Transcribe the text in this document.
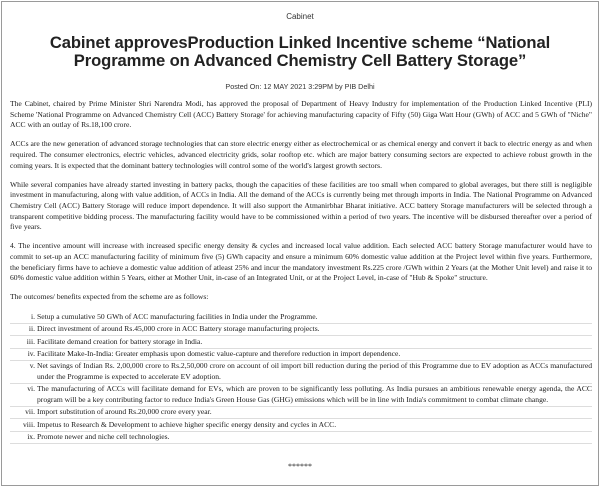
Cabinet
Cabinet approvesProduction Linked Incentive scheme “National Programme on Advanced Chemistry Cell Battery Storage”
Posted On: 12 MAY 2021 3:29PM by PIB Delhi

The Cabinet, chaired by Prime Minister Shri Narendra Modi, has approved the proposal of Department of Heavy Industry for implementation of the Production Linked Incentive (PLI) Scheme 'National Programme on Advanced Chemistry Cell (ACC) Battery Storage' for achieving manufacturing capacity of Fifty (50) Giga Watt Hour (GWh) of ACC and 5 GWh of "Niche" ACC with an outlay of Rs.18,100 crore.

ACCs are the new generation of advanced storage technologies that can store electric energy either as electrochemical or as chemical energy and convert it back to electric energy as and when required. The consumer electronics, electric vehicles, advanced electricity grids, solar rooftop etc. which are major battery consuming sectors are expected to achieve robust growth in the coming years. It is expected that the dominant battery technologies will control some of the world's largest growth sectors.

While several companies have already started investing in battery packs, though the capacities of these facilities are too small when compared to global averages, but there still is negligible investment in manufacturing, along with value addition, of ACCs in India. All the demand of the ACCs is currently being met through imports in India. The National Programme on Advanced Chemistry Cell (ACC) Battery Storage will reduce import dependence. It will also support the Atmanirbhar Bharat initiative. ACC battery Storage manufacturers will be selected through a transparent competitive bidding process. The manufacturing facility would have to be commissioned within a period of two years. The incentive will be disbursed thereafter over a period of five years.

4. The incentive amount will increase with increased specific energy density & cycles and increased local value addition. Each selected ACC battery Storage manufacturer would have to commit to set-up an ACC manufacturing facility of minimum five (5) GWh capacity and ensure a minimum 60% domestic value addition at the Project level within five years. Furthermore, the beneficiary firms have to achieve a domestic value addition of atleast 25% and incur the mandatory investment Rs.225 crore /GWh within 2 Years (at the Mother Unit level) and raise it to 60% domestic value addition within 5 Years, either at Mother Unit, in-case of an Integrated Unit, or at the Project Level, in-case of "Hub & Spoke" structure.

The outcomes/ benefits expected from the scheme are as follows:

i. Setup a cumulative 50 GWh of ACC manufacturing facilities in India under the Programme.
ii. Direct investment of around Rs.45,000 crore in ACC Battery storage manufacturing projects.
iii. Facilitate demand creation for battery storage in India.
iv. Facilitate Make-In-India: Greater emphasis upon domestic value-capture and therefore reduction in import dependence.
v. Net savings of Indian Rs. 2,00,000 crore to Rs.2,50,000 crore on account of oil import bill reduction during the period of this Programme due to EV adoption as ACCs manufactured under the Programme is expected to accelerate EV adoption.
vi. The manufacturing of ACCs will facilitate demand for EVs, which are proven to be significantly less polluting. As India pursues an ambitious renewable energy agenda, the ACC program will be a key contributing factor to reduce India's Green House Gas (GHG) emissions which will be in line with India's commitment to combat climate change.
vii. Import substitution of around Rs.20,000 crore every year.
viii. Impetus to Research & Development to achieve higher specific energy density and cycles in ACC.
ix. Promote newer and niche cell technologies.
******
